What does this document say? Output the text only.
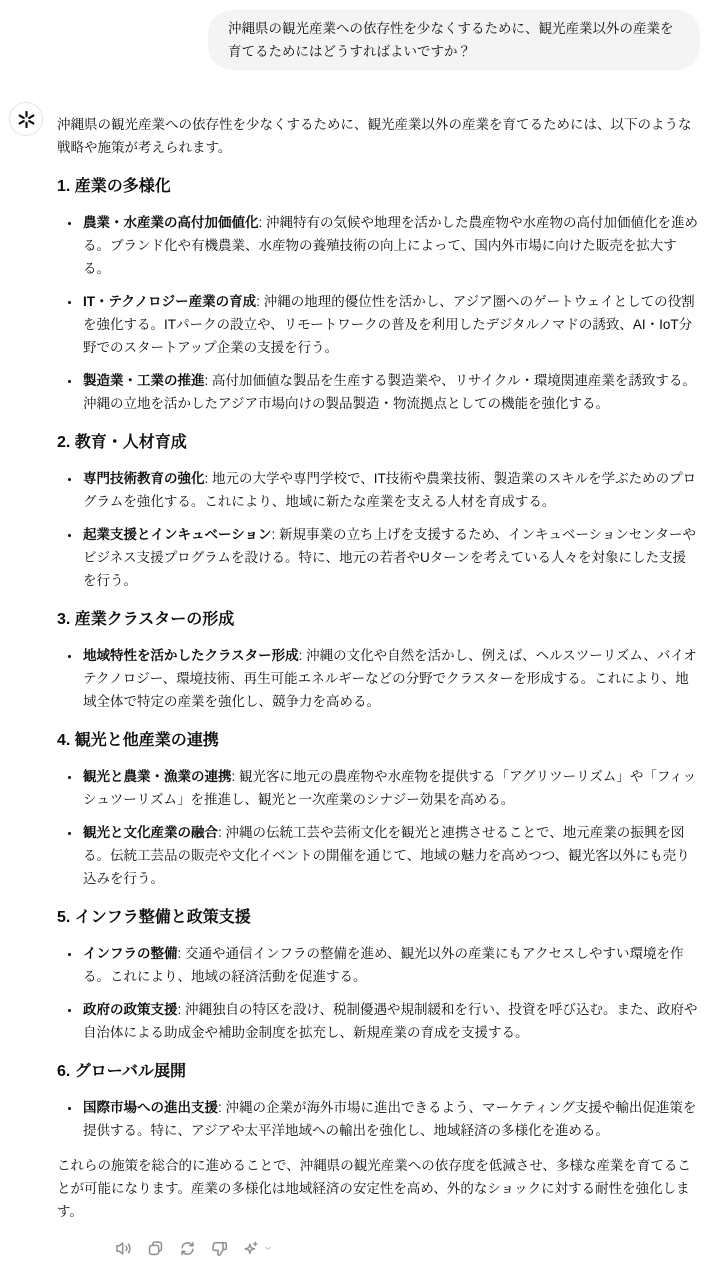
沖縄県の観光産業への依存性を少なくするために、観光産業以外の産業を育てるためにはどうすればよいですか？

沖縄県の観光産業への依存性を少なくするために、観光産業以外の産業を育てるためには、以下のような戦略や施策が考えられます。

1. 産業の多様化
• 農業・水産業の高付加価値化: 沖縄特有の気候や地理を活かした農産物や水産物の高付加価値化を進める。ブランド化や有機農業、水産物の養殖技術の向上によって、国内外市場に向けた販売を拡大する。
• IT・テクノロジー産業の育成: 沖縄の地理的優位性を活かし、アジア圏へのゲートウェイとしての役割を強化する。ITパークの設立や、リモートワークの普及を利用したデジタルノマドの誘致、AI・IoT分野でのスタートアップ企業の支援を行う。
• 製造業・工業の推進: 高付加価値な製品を生産する製造業や、リサイクル・環境関連産業を誘致する。沖縄の立地を活かしたアジア市場向けの製品製造・物流拠点としての機能を強化する。
2. 教育・人材育成
• 専門技術教育の強化: 地元の大学や専門学校で、IT技術や農業技術、製造業のスキルを学ぶためのプログラムを強化する。これにより、地域に新たな産業を支える人材を育成する。
• 起業支援とインキュベーション: 新規事業の立ち上げを支援するため、インキュベーションセンターやビジネス支援プログラムを設ける。特に、地元の若者やUターンを考えている人々を対象にした支援を行う。
3. 産業クラスターの形成
• 地域特性を活かしたクラスター形成: 沖縄の文化や自然を活かし、例えば、ヘルスツーリズム、バイオテクノロジー、環境技術、再生可能エネルギーなどの分野でクラスターを形成する。これにより、地域全体で特定の産業を強化し、競争力を高める。
4. 観光と他産業の連携
• 観光と農業・漁業の連携: 観光客に地元の農産物や水産物を提供する「アグリツーリズム」や「フィッシュツーリズム」を推進し、観光と一次産業のシナジー効果を高める。
• 観光と文化産業の融合: 沖縄の伝統工芸や芸術文化を観光と連携させることで、地元産業の振興を図る。伝統工芸品の販売や文化イベントの開催を通じて、地域の魅力を高めつつ、観光客以外にも売り込みを行う。
5. インフラ整備と政策支援
• インフラの整備: 交通や通信インフラの整備を進め、観光以外の産業にもアクセスしやすい環境を作る。これにより、地域の経済活動を促進する。
• 政府の政策支援: 沖縄独自の特区を設け、税制優遇や規制緩和を行い、投資を呼び込む。また、政府や自治体による助成金や補助金制度を拡充し、新規産業の育成を支援する。
6. グローバル展開
• 国際市場への進出支援: 沖縄の企業が海外市場に進出できるよう、マーケティング支援や輸出促進策を提供する。特に、アジアや太平洋地域への輸出を強化し、地域経済の多様化を進める。

これらの施策を総合的に進めることで、沖縄県の観光産業への依存度を低減させ、多様な産業を育てることが可能になります。産業の多様化は地域経済の安定性を高め、外的なショックに対する耐性を強化します。
